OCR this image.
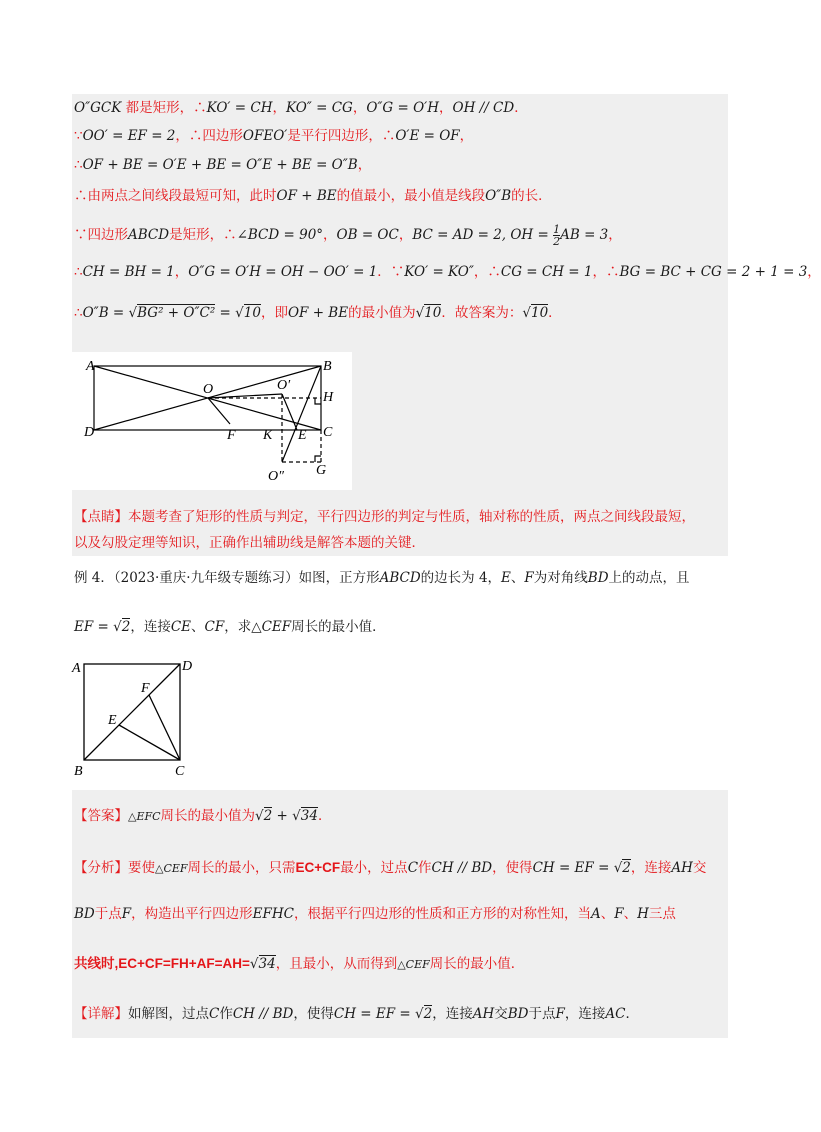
O″GCK 都是矩形，∴KO′ = CH，KO″ = CG，O″G = O′H，OH // CD．
∵OO′ = EF = 2，∴四边形OFEO′是平行四边形，∴O′E = OF，
∴OF + BE = O′E + BE = O″E + BE = O″B，
∴由两点之间线段最短可知，此时OF + BE的值最小，最小值是线段O″B的长．
∵四边形ABCD是矩形，∴∠BCD = 90°，OB = OC，BC = AD = 2, OH = $\frac{1}{2}$ AB = 3，
∴CH = BH = 1，O″G = O′H = OH − OO′ = 1．∵KO′ = KO″，∴CG = CH = 1，∴BG = BC + CG = 2 + 1 = 3，
∴O″B = √BG² + O″C² = √10，即OF + BE的最小值为√10．故答案为：√10．
A	B
O	O′
H
D	F K E C
O″ G
【点睛】本题考查了矩形的性质与判定，平行四边形的判定与性质，轴对称的性质，两点之间线段最短，
以及勾股定理等知识，正确作出辅助线是解答本题的关键．
例 4．（2023·重庆·九年级专题练习）如图，正方形ABCD的边长为 4，E、F为对角线BD上的动点，且
EF = √2，连接CE、CF，求△CEF周长的最小值．
A	D
F
E
B	C
【答案】△EFC周长的最小值为√2 + √34．
【分析】要使△CEF周长的最小，只需EC+CF最小，过点C作CH // BD，使得CH = EF = √2，连接AH交
BD于点F，构造出平行四边形EFHC，根据平行四边形的性质和正方形的对称性知，当A、F、H三点
共线时,EC+CF=FH+AF=AH=√34，且最小，从而得到△CEF周长的最小值．
【详解】如解图，过点C作CH // BD，使得CH = EF = √2，连接AH交BD于点F，连接AC．
